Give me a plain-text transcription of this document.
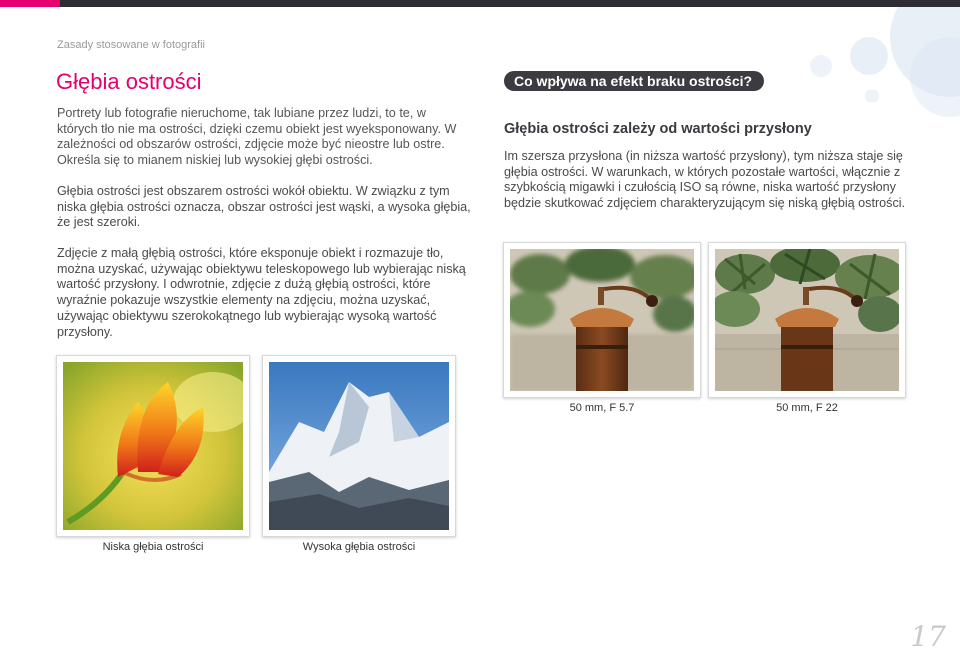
Zasady stosowane w fotografii
Głębia ostrości

Portrety lub fotografie nieruchome, tak lubiane przez ludzi, to te, w których tło nie ma ostrości, dzięki czemu obiekt jest wyeksponowany. W zależności od obszarów ostrości, zdjęcie może być nieostre lub ostre. Określa się to mianem niskiej lub wysokiej głębi ostrości.

Głębia ostrości jest obszarem ostrości wokół obiektu. W związku z tym niska głębia ostrości oznacza, obszar ostrości jest wąski, a wysoka głębia, że jest szeroki.

Zdjęcie z małą głębią ostrości, które eksponuje obiekt i rozmazuje tło, można uzyskać, używając obiektywu teleskopowego lub wybierając niską wartość przysłony. I odwrotnie, zdjęcie z dużą głębią ostrości, które wyraźnie pokazuje wszystkie elementy na zdjęciu, można uzyskać, używając obiektywu szerokokątnego lub wybierając wysoką wartość przysłony.

Niska głębia ostrości	Wysoka głębia ostrości
Co wpływa na efekt braku ostrości?
Głębia ostrości zależy od wartości przysłony

Im szersza przysłona (in niższa wartość przysłony), tym niższa staje się głębia ostrości. W warunkach, w których pozostałe wartości, włącznie z szybkością migawki i czułością ISO są równe, niska wartość przysłony będzie skutkować zdjęciem charakteryzującym się niską głębią ostrości.

50 mm, F 5.7	50 mm, F 22
17
